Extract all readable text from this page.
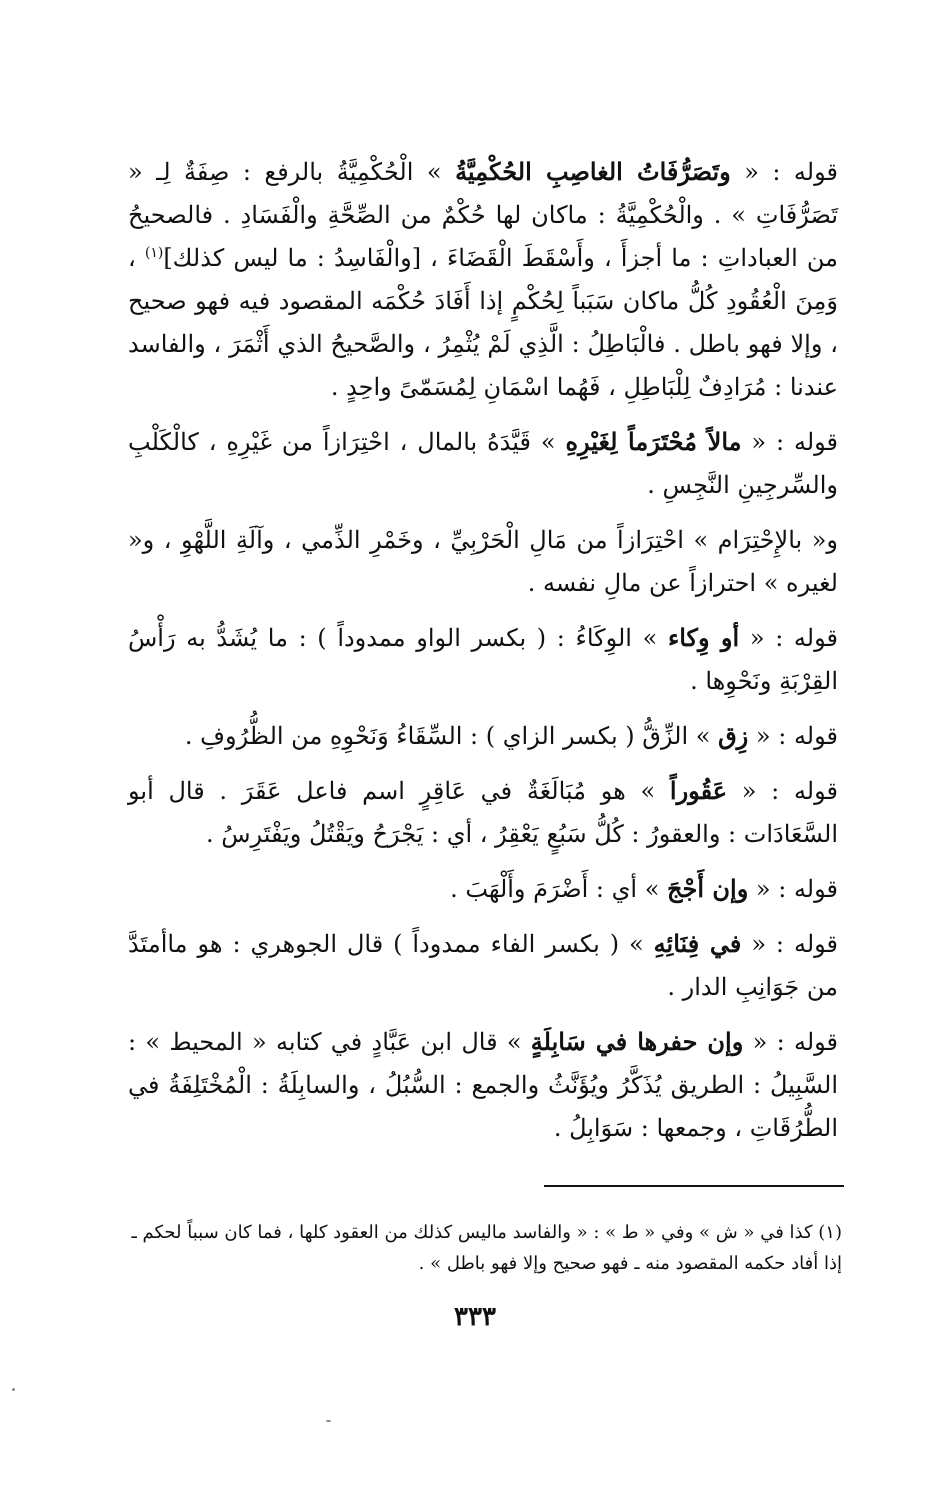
قوله : « وتَصَرُّفَاتُ الغاصِبِ الحُكْمِيَّةُ » الْحُكْمِيَّةُ بالرفع : صِفَةٌ لِـ « تَصَرُّفَاتِ » . والْحُكْمِيَّةُ : ماكان لها حُكْمٌ من الصِّحَّةِ والْفَسَادِ . فالصحيحُ من العباداتِ : ما أجزأَ ، وأَسْقَطَ الْقَضَاءَ ، [والْفَاسِدُ : ما ليس كذلك]$^{(١)}$ ، وَمِنَ الْعُقُودِ كُلُّ ماكان سَبَباً لِحُكْمٍ إذا أَفَادَ حُكْمَه المقصود فيه فهو صحيح ، وإلا فهو باطل . فالْبَاطِلُ : الَّذِي لَمْ يُثْمِرُ ، والصَّحيحُ الذي أَثْمَرَ ، والفاسد عندنا : مُرَادِفٌ لِلْبَاطِلِ ، فَهُما اسْمَانِ لِمُسَمّىً واحِدٍ .

قوله : « مالاً مُحْتَرَماً لِغَيْرِهِ » قَيَّدَهُ بالمال ، احْتِرَازاً من غَيْرِهِ ، كالْكَلْبِ والسِّرجِينِ النَّجِسِ .

و« بالإِحْتِرَام » احْتِرَازاً من مَالِ الْحَرْبِيِّ ، وخَمْرِ الذِّمي ، وآلَةِ اللَّهْوِ ، و« لغيره » احترازاً عن مالِ نفسه .

قوله : « أو وِكاء » الوِكَاءُ : ( بكسر الواو ممدوداً ) : ما يُشَدُّ به رَأْسُ القِرْبَةِ ونَحْوِها .

قوله : « زِق » الزِّقُّ ( بكسر الزاي ) : السِّقَاءُ وَنَحْوِهِ من الظُّرُوفِ .

قوله : « عَقُوراً » هو مُبَالَغَةٌ في عَاقِرٍ اسم فاعل عَقَرَ . قال أبو السَّعَادَات : والعقورُ : كُلُّ سَبُعٍ يَعْقِرُ ، أي : يَجْرَحُ ويَقْتُلُ ويَفْتَرِسُ .

قوله : « وإن أَجْجَ » أي : أَضْرَمَ وأَلْهَبَ .

قوله : « في فِنَائِهِ » ( بكسر الفاء ممدوداً ) قال الجوهري : هو ماأمتَدَّ من جَوَانِبِ الدار .

قوله : « وإن حفرها في سَابِلَةٍ » قال ابن عَبَّادٍ في كتابه « المحيط » : السَّبِيلُ : الطريق يُذَكَّرُ ويُؤَنَّثُ والجمع : السُّبُلُ ، والسابِلَةُ : الْمُخْتَلِفَةُ في الطُّرُقَاتِ ، وجمعها : سَوَابِلُ .

(١) كذا في « ش » وفي « ط » : « والفاسد ماليس كذلك من العقود كلها ، فما كان سبباً لحكم ـ إذا أفاد حكمه المقصود منه ـ فهو صحيح وإلا فهو باطل » .
٣٣٣
